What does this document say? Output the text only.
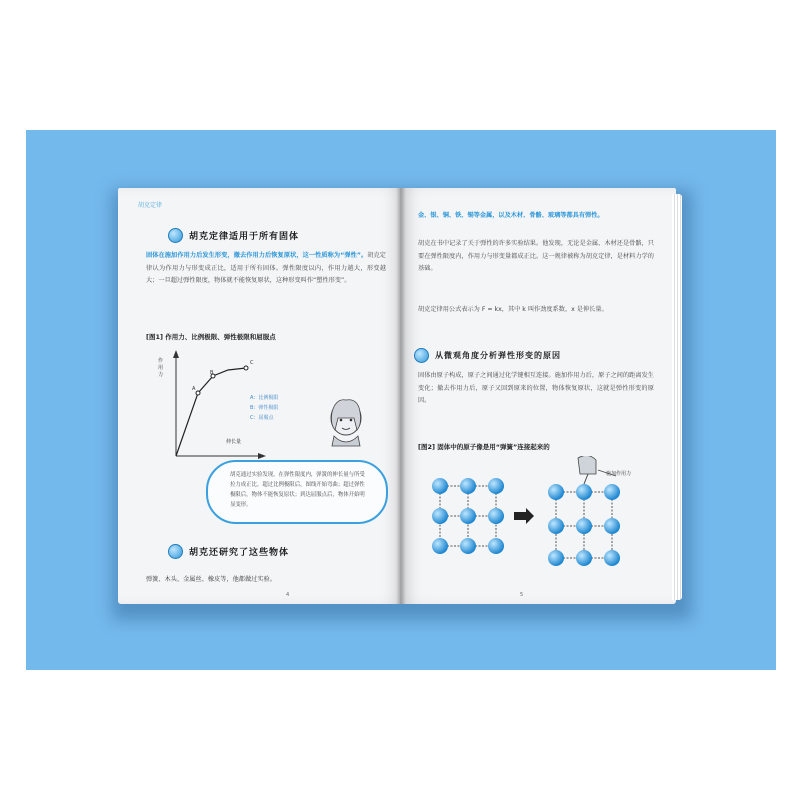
胡克定律
胡克定律适用于所有固体
固体在施加作用力后发生形变，撤去作用力后恢复原状，这一性质称为“弹性”。胡克定律认为作用力与形变成正比，适用于所有固体。弹性限度以内，作用力越大，形变越大；一旦超过弹性限度，物体就不能恢复原状，这种形变叫作“塑性形变”。
[图1] 作用力、比例极限、弹性极限和屈服点
作用力
伸长量
A
B
C
A：比例极限
B：弹性极限
C：屈服点
胡克通过实验发现，在弹性限度内，弹簧的伸长量与所受拉力成正比。超过比例极限后，图线开始弯曲；超过弹性极限后，物体不能恢复原状；到达屈服点后，物体开始明显变形。
胡克还研究了这些物体
弹簧、木头、金属丝、橡皮等，他都做过实验。
4
金、银、铜、铁、锡等金属，以及木材、骨骼、玻璃等都具有弹性。
胡克在书中记录了关于弹性的许多实验结果。他发现，无论是金属、木材还是骨骼，只要在弹性限度内，作用力与形变量都成正比。这一规律被称为胡克定律，是材料力学的基础。
胡克定律用公式表示为 F = kx，其中 k 叫作劲度系数，x 是伸长量。
从微观角度分析弹性形变的原因
固体由原子构成，原子之间通过化学键相互连接。施加作用力后，原子之间的距离发生变化；撤去作用力后，原子又回到原来的位置，物体恢复原状，这就是弹性形变的原因。
[图2] 固体中的原子像是用“弹簧”连接起来的
施加作用力
5
